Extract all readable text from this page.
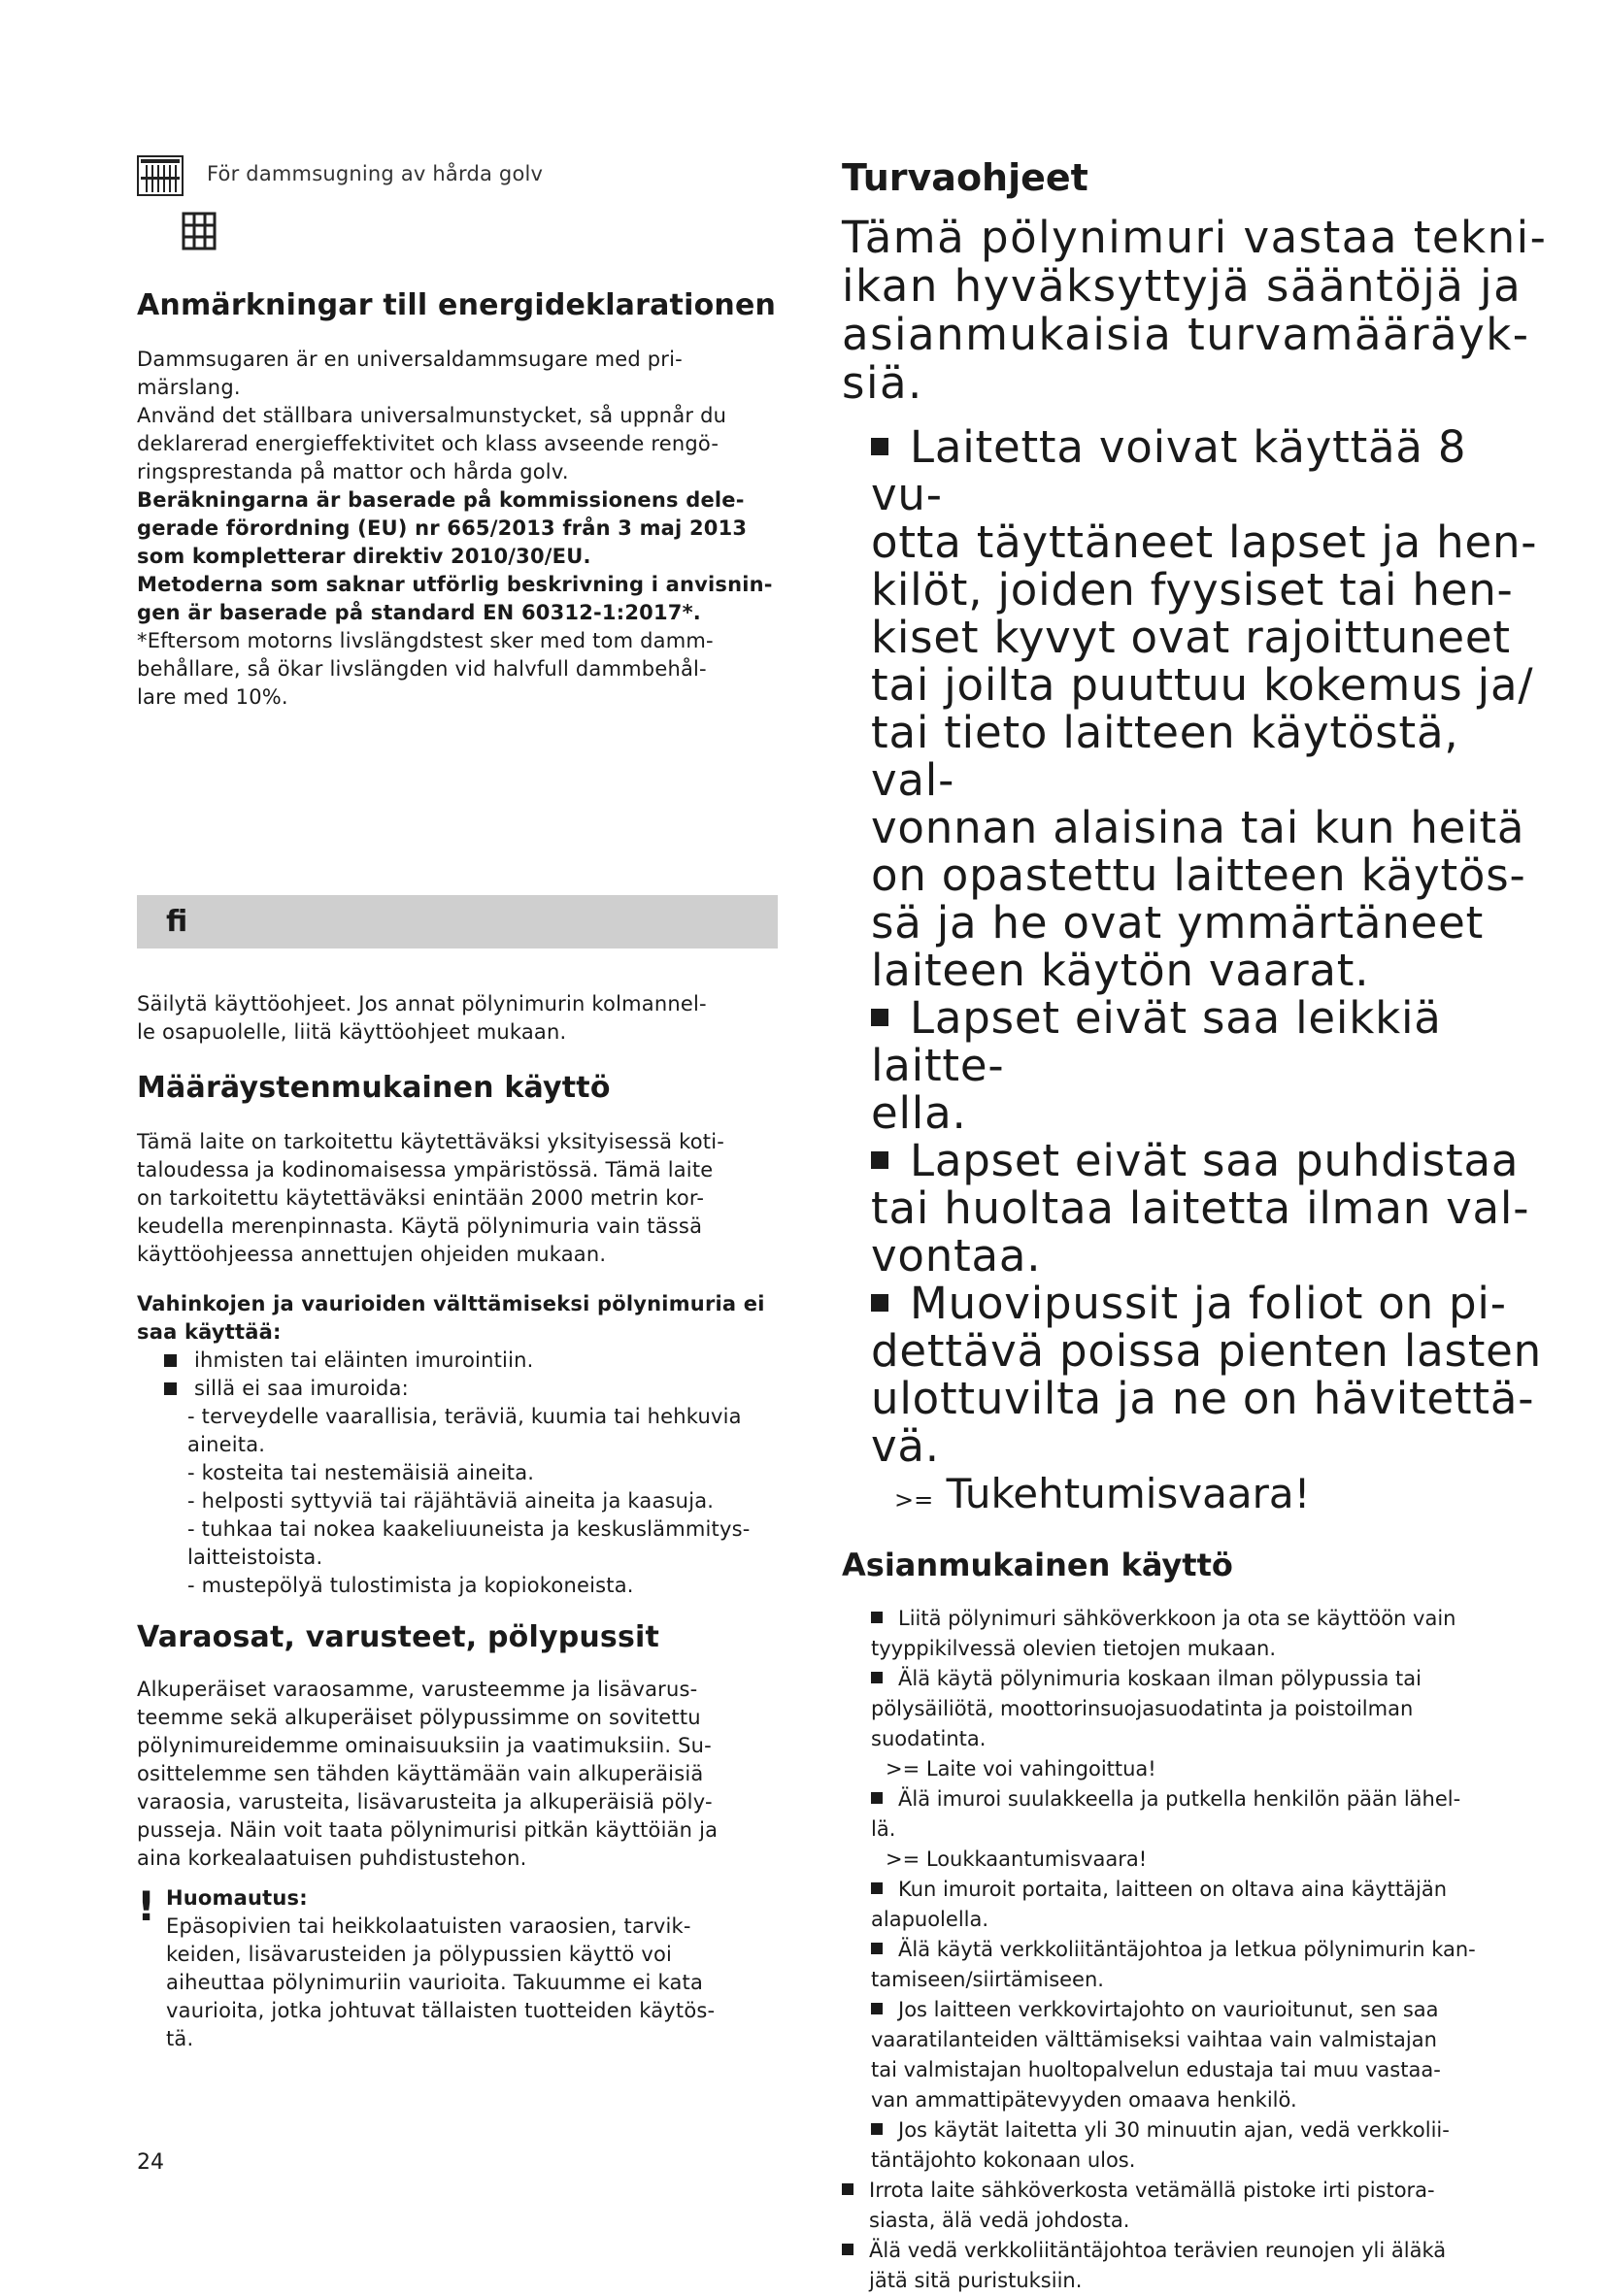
För dammsugning av hårda golv
Anmärkningar till energideklarationen

Dammsugaren är en universaldammsugare med pri-

märslang.

Använd det ställbara universalmunstycket, så uppnår du

deklarerad energieffektivitet och klass avseende rengö-

ringsprestanda på mattor och hårda golv.

Beräkningarna är baserade på kommissionens dele-

gerade förordning (EU) nr 665/2013 från 3 maj 2013

som kompletterar direktiv 2010/30/EU.

Metoderna som saknar utförlig beskrivning i anvisnin-

gen är baserade på standard EN 60312-1:2017*.

*Eftersom motorns livslängdstest sker med tom damm-

behållare, så ökar livslängden vid halvfull dammbehål-

lare med 10%.

fi

Säilytä käyttöohjeet. Jos annat pölynimurin kolmannel-

le osapuolelle, liitä käyttöohjeet mukaan.

Määräystenmukainen käyttö

Tämä laite on tarkoitettu käytettäväksi yksityisessä koti-

taloudessa ja kodinomaisessa ympäristössä. Tämä laite

on tarkoitettu käytettäväksi enintään 2000 metrin kor-

keudella merenpinnasta. Käytä pölynimuria vain tässä

käyttöohjeessa annettujen ohjeiden mukaan.

Vahinkojen ja vaurioiden välttämiseksi pölynimuria ei

saa käyttää:

ihmisten tai eläinten imurointiin.

sillä ei saa imuroida:

- terveydelle vaarallisia, teräviä, kuumia tai hehkuvia

aineita.

- kosteita tai nestemäisiä aineita.

- helposti syttyviä tai räjähtäviä aineita ja kaasuja.

- tuhkaa tai nokea kaakeliuuneista ja keskuslämmitys-

laitteistoista.

- mustepölyä tulostimista ja kopiokoneista.

Varaosat, varusteet, pölypussit

Alkuperäiset varaosamme, varusteemme ja lisävarus-

teemme sekä alkuperäiset pölypussimme on sovitettu

pölynimureidemme ominaisuuksiin ja vaatimuksiin. Su-

osittelemme sen tähden käyttämään vain alkuperäisiä

varaosia, varusteita, lisävarusteita ja alkuperäisiä pöly-

pusseja. Näin voit taata pölynimurisi pitkän käyttöiän ja

aina korkealaatuisen puhdistustehon.

! Huomautus:

Epäsopivien tai heikkolaatuisten varaosien, tarvik-

keiden, lisävarusteiden ja pölypussien käyttö voi

aiheuttaa pölynimuriin vaurioita. Takuumme ei kata

vaurioita, jotka johtuvat tällaisten tuotteiden käytös-

tä.

24
Turvaohjeet

Tämä pölynimuri vastaa tekni-

ikan hyväksyttyjä sääntöjä ja

asianmukaisia turvamääräyk-

siä.

Laitetta voivat käyttää 8 vu-

otta täyttäneet lapset ja hen-

kilöt, joiden fyysiset tai hen-

kiset kyvyt ovat rajoittuneet

tai joilta puuttuu kokemus ja/

tai tieto laitteen käytöstä, val-

vonnan alaisina tai kun heitä

on opastettu laitteen käytös-

sä ja he ovat ymmärtäneet

laiteen käytön vaarat.

Lapset eivät saa leikkiä laitte-

ella.

Lapset eivät saa puhdistaa

tai huoltaa laitetta ilman val-

vontaa.

Muovipussit ja foliot on pi-

dettävä poissa pienten lasten

ulottuvilta ja ne on hävitettä-

vä.

>= Tukehtumisvaara!

Asianmukainen käyttö

Liitä pölynimuri sähköverkkoon ja ota se käyttöön vain

tyyppikilvessä olevien tietojen mukaan.

Älä käytä pölynimuria koskaan ilman pölypussia tai

pölysäiliötä, moottorinsuojasuodatinta ja poistoilman

suodatinta.

>= Laite voi vahingoittua!

Älä imuroi suulakkeella ja putkella henkilön pään lähel-

lä.

>= Loukkaantumisvaara!

Kun imuroit portaita, laitteen on oltava aina käyttäjän

alapuolella.

Älä käytä verkkoliitäntäjohtoa ja letkua pölynimurin kan-

tamiseen/siirtämiseen.

Jos laitteen verkkovirtajohto on vaurioitunut, sen saa

vaaratilanteiden välttämiseksi vaihtaa vain valmistajan

tai valmistajan huoltopalvelun edustaja tai muu vastaa-

van ammattipätevyyden omaava henkilö.

Jos käytät laitetta yli 30 minuutin ajan, vedä verkkolii-

täntäjohto kokonaan ulos.

Irrota laite sähköverkosta vetämällä pistoke irti pistora-

siasta, älä vedä johdosta.

Älä vedä verkkoliitäntäjohtoa terävien reunojen yli äläkä

jätä sitä puristuksiin.
